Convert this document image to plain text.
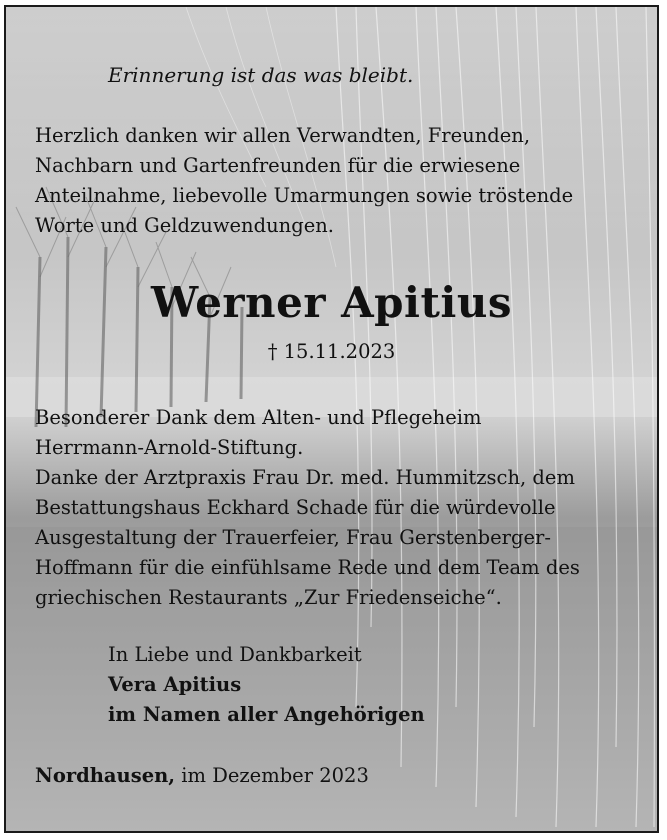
Erinnerung ist das was bleibt.
Herzlich danken wir allen Verwandten, Freunden,
Nachbarn und Gartenfreunden für die erwiesene
Anteilnahme, liebevolle Umarmungen sowie tröstende
Worte und Geldzuwendungen.
Werner Apitius
† 15.11.2023
Besonderer Dank dem Alten- und Pflegeheim
Herrmann-Arnold-Stiftung.
Danke der Arztpraxis Frau Dr. med. Hummitzsch, dem
Bestattungshaus Eckhard Schade für die würdevolle
Ausgestaltung der Trauerfeier, Frau Gerstenberger-
Hoffmann für die einfühlsame Rede und dem Team des
griechischen Restaurants „Zur Friedenseiche“.
In Liebe und Dankbarkeit
Vera Apitius
im Namen aller Angehörigen
Nordhausen, im Dezember 2023
